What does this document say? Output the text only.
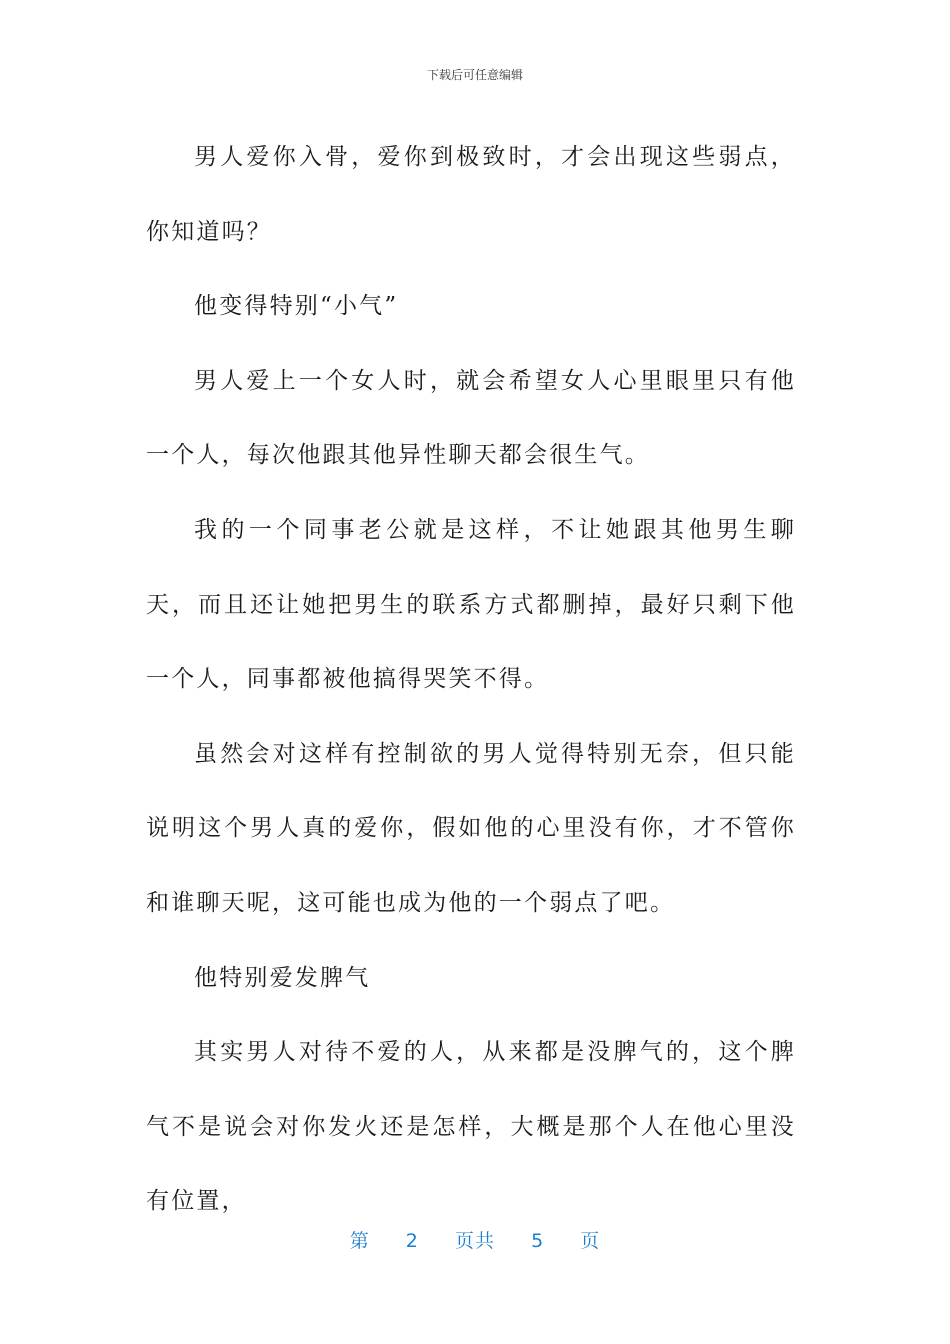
下载后可任意编辑

男人爱你入骨，爱你到极致时，才会出现这些弱点，你知道吗？

他变得特别“小气”

男人爱上一个女人时，就会希望女人心里眼里只有他一个人，每次他跟其他异性聊天都会很生气。

我的一个同事老公就是这样，不让她跟其他男生聊天，而且还让她把男生的联系方式都删掉，最好只剩下他一个人，同事都被他搞得哭笑不得。

虽然会对这样有控制欲的男人觉得特别无奈，但只能说明这个男人真的爱你，假如他的心里没有你，才不管你和谁聊天呢，这可能也成为他的一个弱点了吧。

他特别爱发脾气

其实男人对待不爱的人，从来都是没脾气的，这个脾气不是说会对你发火还是怎样，大概是那个人在他心里没有位置，

第 2 页共 5 页
